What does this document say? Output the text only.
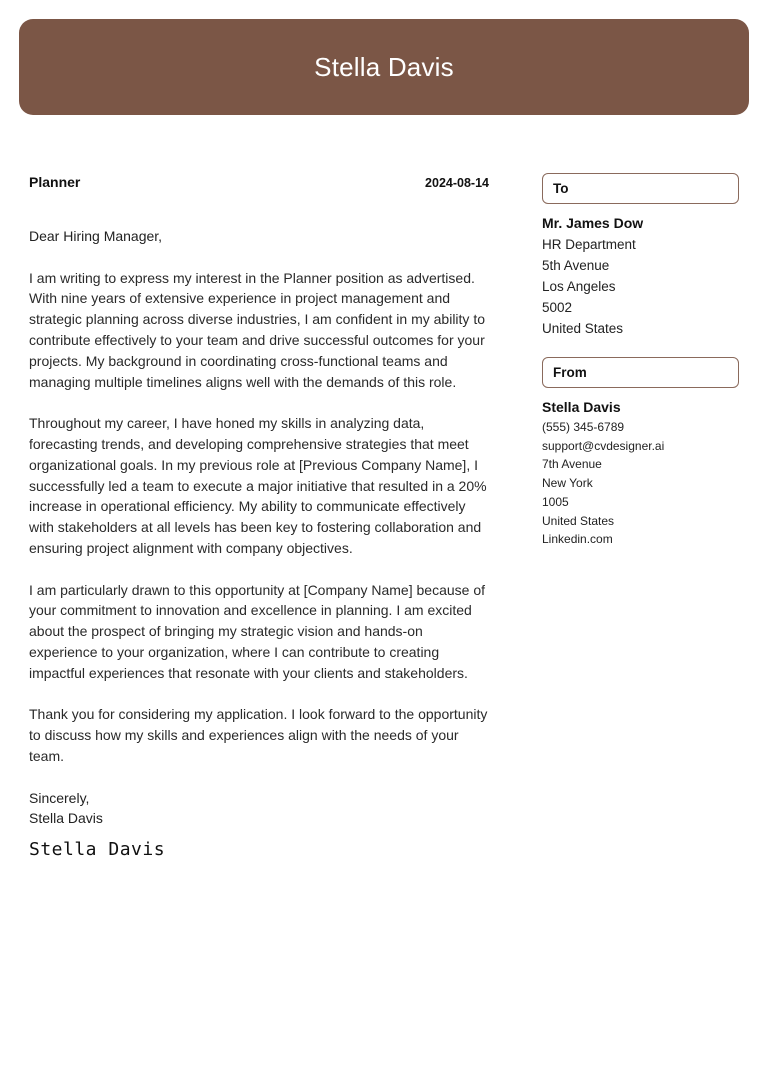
Stella Davis
Planner	2024-08-14
Dear Hiring Manager,
I am writing to express my interest in the Planner position as advertised. With nine years of extensive experience in project management and strategic planning across diverse industries, I am confident in my ability to contribute effectively to your team and drive successful outcomes for your projects. My background in coordinating cross-functional teams and managing multiple timelines aligns well with the demands of this role.
Throughout my career, I have honed my skills in analyzing data, forecasting trends, and developing comprehensive strategies that meet organizational goals. In my previous role at [Previous Company Name], I successfully led a team to execute a major initiative that resulted in a 20% increase in operational efficiency. My ability to communicate effectively with stakeholders at all levels has been key to fostering collaboration and ensuring project alignment with company objectives.
I am particularly drawn to this opportunity at [Company Name] because of your commitment to innovation and excellence in planning. I am excited about the prospect of bringing my strategic vision and hands-on experience to your organization, where I can contribute to creating impactful experiences that resonate with your clients and stakeholders.
Thank you for considering my application. I look forward to the opportunity to discuss how my skills and experiences align with the needs of your team.
Sincerely,
Stella Davis
Stella Davis
To
Mr. James Dow
HR Department
5th Avenue
Los Angeles
5002
United States
From
Stella Davis
(555) 345-6789
support@cvdesigner.ai
7th Avenue
New York
1005
United States
Linkedin.com
